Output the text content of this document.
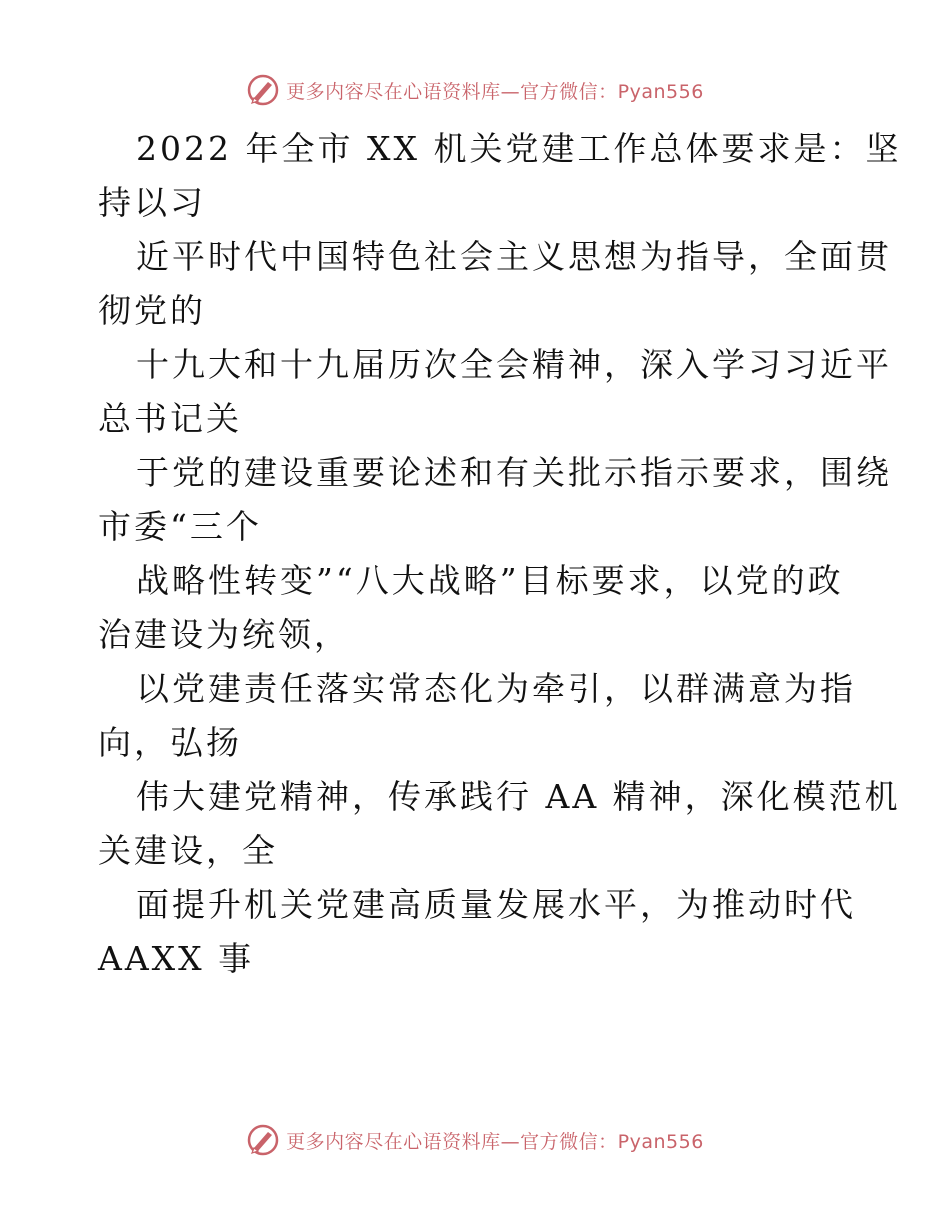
更多内容尽在心语资料库—官方微信：Pyan556
2022 年全市 XX 机关党建工作总体要求是：坚
持以习
近平时代中国特色社会主义思想为指导，全面贯
彻党的
十九大和十九届历次全会精神，深入学习习近平
总书记关
于党的建设重要论述和有关批示指示要求，围绕
市委“三个
战略性转变”“八大战略”目标要求，以党的政
治建设为统领，
以党建责任落实常态化为牵引，以群满意为指
向，弘扬
伟大建党精神，传承践行 AA 精神，深化模范机
关建设，全
面提升机关党建高质量发展水平，为推动时代
AAXX 事
更多内容尽在心语资料库—官方微信：Pyan556
